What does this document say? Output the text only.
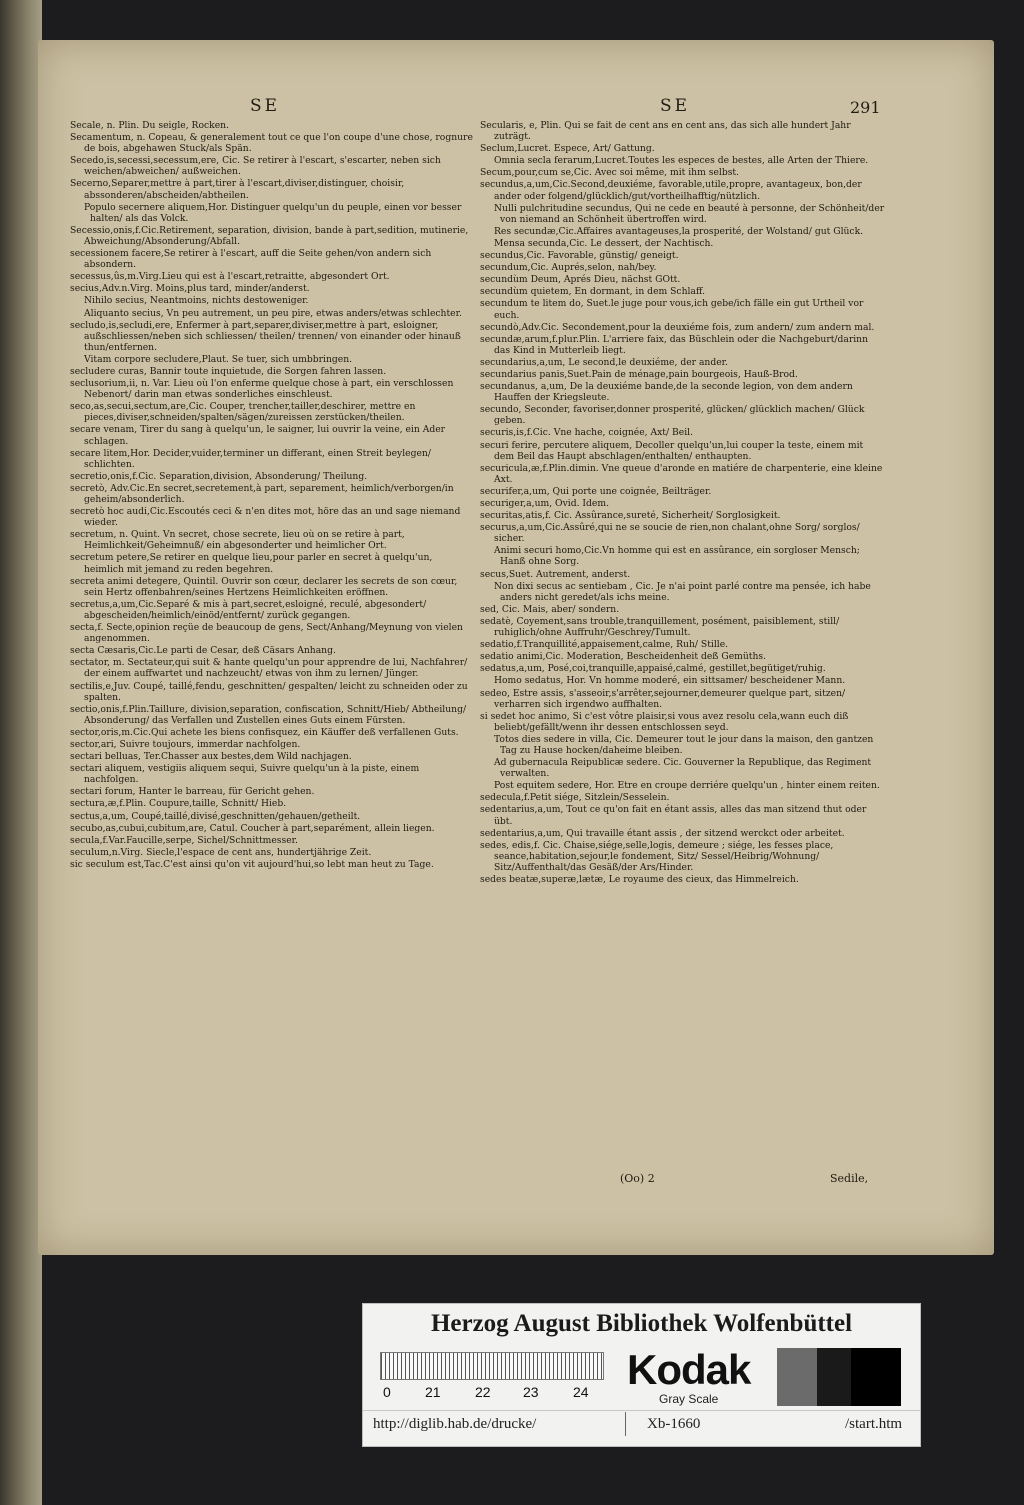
SE	SE	291
Secale, n. Plin. Du seigle, Rocken.
Secamentum, n. Copeau, & generalement tout ce que l'on coupe d'une chose, rognure de bois, abgehawen Stuck/als Spän.
Secedo,is,secessi,secessum,ere, Cic. Se retirer à l'escart, s'escarter, neben sich weichen/abweichen/ außweichen.
Secerno,Separer,mettre à part,tirer à l'escart,diviser,distinguer, choisir, abssonderen/abscheiden/abtheilen.
Populo secernere aliquem,Hor. Distinguer quelqu'un du peuple, einen vor besser halten/ als das Volck.
Secessio,onis,f.Cic.Retirement, separation, division, bande à part,sedition, mutinerie, Abweichung/Absonderung/Abfall.
secessionem facere,Se retirer à l'escart, auff die Seite gehen/von andern sich absondern.
secessus,ûs,m.Virg.Lieu qui est à l'escart,retraitte, abgesondert Ort.
secius,Adv.n.Virg. Moins,plus tard, minder/anderst.
Nihilo secius, Neantmoins, nichts destoweniger.
Aliquanto secius, Vn peu autrement, un peu pire, etwas anders/etwas schlechter.
secludo,is,secludi,ere, Enfermer à part,separer,diviser,mettre à part, esloigner, außschliessen/neben sich schliessen/ theilen/ trennen/ von einander oder hinauß thun/entfernen.
Vitam corpore secludere,Plaut. Se tuer, sich umbbringen.
secludere curas, Bannir toute inquietude, die Sorgen fahren lassen.
seclusorium,ii, n. Var. Lieu où l'on enferme quelque chose à part, ein verschlossen Nebenort/ darin man etwas sonderliches einschleust.
seco,as,secui,sectum,are,Cic. Couper, trencher,tailler,deschirer, mettre en pieces,diviser,schneiden/spalten/sägen/zureissen zerstücken/theilen.
secare venam, Tirer du sang à quelqu'un, le saigner, lui ouvrir la veine, ein Ader schlagen.
secare litem,Hor. Decider,vuider,terminer un differant, einen Streit beylegen/ schlichten.
secretio,onis,f.Cic. Separation,division, Absonderung/ Theilung.
secretò, Adv.Cic.En secret,secretement,à part, separement, heimlich/verborgen/in geheim/absonderlich.
secretò hoc audi,Cic.Escoutés ceci & n'en dites mot, höre das an und sage niemand wieder.
secretum, n. Quint. Vn secret, chose secrete, lieu où on se retire à part, Heimlichkeit/Geheimnuß/ ein abgesonderter und heimlicher Ort.
secretum petere,Se retirer en quelque lieu,pour parler en secret à quelqu'un, heimlich mit jemand zu reden begehren.
secreta animi detegere, Quintil. Ouvrir son cœur, declarer les secrets de son cœur, sein Hertz offenbahren/seines Hertzens Heimlichkeiten eröffnen.
secretus,a,um,Cic.Separé & mis à part,secret,esloigné, reculé, abgesondert/ abgescheiden/heimlich/einöd/entfernt/ zurück gegangen.
secta,f. Secte,opinion reçüe de beaucoup de gens, Sect/Anhang/Meynung von vielen angenommen.
secta Cæsaris,Cic.Le parti de Cesar, deß Cäsars Anhang.
sectator, m. Sectateur,qui suit & hante quelqu'un pour apprendre de lui, Nachfahrer/ der einem auffwartet und nachzeucht/ etwas von ihm zu lernen/ Jünger.
sectilis,e,Juv. Coupé, taillé,fendu, geschnitten/ gespalten/ leicht zu schneiden oder zu spalten.
sectio,onis,f.Plin.Taillure, division,separation, confiscation, Schnitt/Hieb/ Abtheilung/ Absonderung/ das Verfallen und Zustellen eines Guts einem Fürsten.
sector,oris,m.Cic.Qui achete les biens confisquez, ein Käuffer deß verfallenen Guts.
sector,ari, Suivre toujours, immerdar nachfolgen.
sectari belluas, Ter.Chasser aux bestes,dem Wild nachjagen.
sectari aliquem, vestigiis aliquem sequi, Suivre quelqu'un à la piste, einem nachfolgen.
sectari forum, Hanter le barreau, für Gericht gehen.
sectura,æ,f.Plin. Coupure,taille, Schnitt/ Hieb.
sectus,a,um, Coupé,taillé,divisé,geschnitten/gehauen/getheilt.
secubo,as,cubui,cubitum,are, Catul. Coucher à part,separément, allein liegen.
secula,f.Var.Faucille,serpe, Sichel/Schnittmesser.
seculum,n.Virg. Siecle,l'espace de cent ans, hundertjährige Zeit.
sic seculum est,Tac.C'est ainsi qu'on vit aujourd'hui,so lebt man heut zu Tage.
Secularis, e, Plin. Qui se fait de cent ans en cent ans, das sich alle hundert Jahr zuträgt.
Seclum,Lucret. Espece, Art/ Gattung.
Omnia secla ferarum,Lucret.Toutes les especes de bestes, alle Arten der Thiere.
Secum,pour,cum se,Cic. Avec soi même, mit ihm selbst.
secundus,a,um,Cic.Second,deuxiéme, favorable,utile,propre, avantageux, bon,der ander oder folgend/glücklich/gut/vortheilhafftig/nützlich.
Nulli pulchritudine secundus, Qui ne cede en beauté à personne, der Schönheit/der von niemand an Schönheit übertroffen wird.
Res secundæ,Cic.Affaires avantageuses,la prosperité, der Wolstand/ gut Glück.
Mensa secunda,Cic. Le dessert, der Nachtisch.
secundus,Cic. Favorable, günstig/ geneigt.
secundum,Cic. Auprés,selon, nah/bey.
secundùm Deum, Aprés Dieu, nächst GOtt.
secundùm quietem, En dormant, in dem Schlaff.
secundum te litem do, Suet.le juge pour vous,ich gebe/ich fälle ein gut Urtheil vor euch.
secundò,Adv.Cic. Secondement,pour la deuxiéme fois, zum andern/ zum andern mal.
secundæ,arum,f.plur.Plin. L'arriere faix, das Büschlein oder die Nachgeburt/darinn das Kind in Mutterleib liegt.
secundarius,a,um, Le second,le deuxiéme, der ander.
secundarius panis,Suet.Pain de ménage,pain bourgeois, Hauß-Brod.
secundanus, a,um, De la deuxiéme bande,de la seconde legion, von dem andern Hauffen der Kriegsleute.
secundo, Seconder, favoriser,donner prosperité, glücken/ glücklich machen/ Glück geben.
securis,is,f.Cic. Vne hache, coignée, Axt/ Beil.
securi ferire, percutere aliquem, Decoller quelqu'un,lui couper la teste, einem mit dem Beil das Haupt abschlagen/enthalten/ enthaupten.
securicula,æ,f.Plin.dimin. Vne queue d'aronde en matiére de charpenterie, eine kleine Axt.
securifer,a,um, Qui porte une coignée, Beilträger.
securiger,a,um, Ovid. Idem.
securitas,atis,f. Cic. Assûrance,sureté, Sicherheit/ Sorglosigkeit.
securus,a,um,Cic.Assûré,qui ne se soucie de rien,non chalant,ohne Sorg/ sorglos/ sicher.
Animi securi homo,Cic.Vn homme qui est en assûrance, ein sorgloser Mensch; Hanß ohne Sorg.
secus,Suet. Autrement, anderst.
Non dixi secus ac sentiebam , Cic. Je n'ai point parlé contre ma pensée, ich habe anders nicht geredet/als ichs meine.
sed, Cic. Mais, aber/ sondern.
sedatè, Coyement,sans trouble,tranquillement, posément, paisiblement, still/ ruhiglich/ohne Auffruhr/Geschrey/Tumult.
sedatio,f.Tranquillité,appaisement,calme, Ruh/ Stille.
sedatio animi,Cic. Moderation, Bescheidenheit deß Gemüths.
sedatus,a,um, Posé,coi,tranquille,appaisé,calmé, gestillet,begütiget/ruhig.
Homo sedatus, Hor. Vn homme moderé, ein sittsamer/ bescheidener Mann.
sedeo, Estre assis, s'asseoir,s'arrêter,sejourner,demeurer quelque part, sitzen/ verharren sich irgendwo auffhalten.
si sedet hoc animo, Si c'est vôtre plaisir,si vous avez resolu cela,wann euch diß beliebt/gefällt/wenn ihr dessen entschlossen seyd.
Totos dies sedere in villa, Cic. Demeurer tout le jour dans la maison, den gantzen Tag zu Hause hocken/daheime bleiben.
Ad gubernacula Reipublicæ sedere. Cic. Gouverner la Republique, das Regiment verwalten.
Post equitem sedere, Hor. Etre en croupe derriére quelqu'un , hinter einem reiten.
sedecula,f.Petit siége, Sitzlein/Sesselein.
sedentarius,a,um, Tout ce qu'on fait en étant assis, alles das man sitzend thut oder übt.
sedentarius,a,um, Qui travaille étant assis , der sitzend werckct oder arbeitet.
sedes, edis,f. Cic. Chaise,siége,selle,logis, demeure ; siége, les fesses place, seance,habitation,sejour,le fondement, Sitz/ Sessel/Heibrig/Wohnung/ Sitz/Auffenthalt/das Gesäß/der Ars/Hinder.
sedes beatæ,superæ,lætæ, Le royaume des cieux, das Himmelreich.
(Oo) 2	Sedile,
Herzog August Bibliothek Wolfenbüttel
0 21 22 23 24 Kodak
Gray Scale
http://diglib.hab.de/drucke/	Xb-1660	/start.htm
